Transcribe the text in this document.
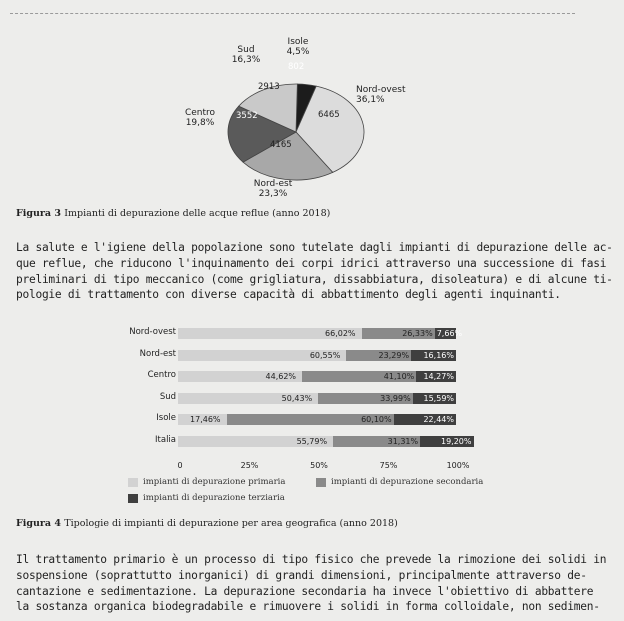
Isole
4,5%
Sud
16,3%
Nord-ovest
36,1%
Centro
19,8%
Nord-est
23,3%
802
2913
6465
3552
4165
Figura 3 Impianti di depurazione delle acque reflue (anno 2018)
La salute e l'igiene della popolazione sono tutelate dagli impianti di depurazione delle ac-
que reflue, che riducono l'inquinamento dei corpi idrici attraverso una successione di fasi
preliminari di tipo meccanico (come grigliatura, dissabbiatura, disoleatura) e di alcune ti-
pologie di trattamento con diverse capacità di abbattimento degli agenti inquinanti.
Nord-ovest	66,02%	26,33% 7,66%
Nord-est	60,55%	23,29%	16,16%
Centro	44,62%	41,10%	14,27%
Sud	50,43%	33,99%	15,59%
Isole	17,46%	60,10%	22,44%
Italia	55,79%	31,31%	19,20%
0	25%	50%	75%	100%
impianti di depurazione primaria	impianti di depurazione secondaria
impianti di depurazione terziaria
Figura 4 Tipologie di impianti di depurazione per area geografica (anno 2018)
Il trattamento primario è un processo di tipo fisico che prevede la rimozione dei solidi in
sospensione (soprattutto inorganici) di grandi dimensioni, principalmente attraverso de-
cantazione e sedimentazione. La depurazione secondaria ha invece l'obiettivo di abbattere
la sostanza organica biodegradabile e rimuovere i solidi in forma colloidale, non sedimen-
